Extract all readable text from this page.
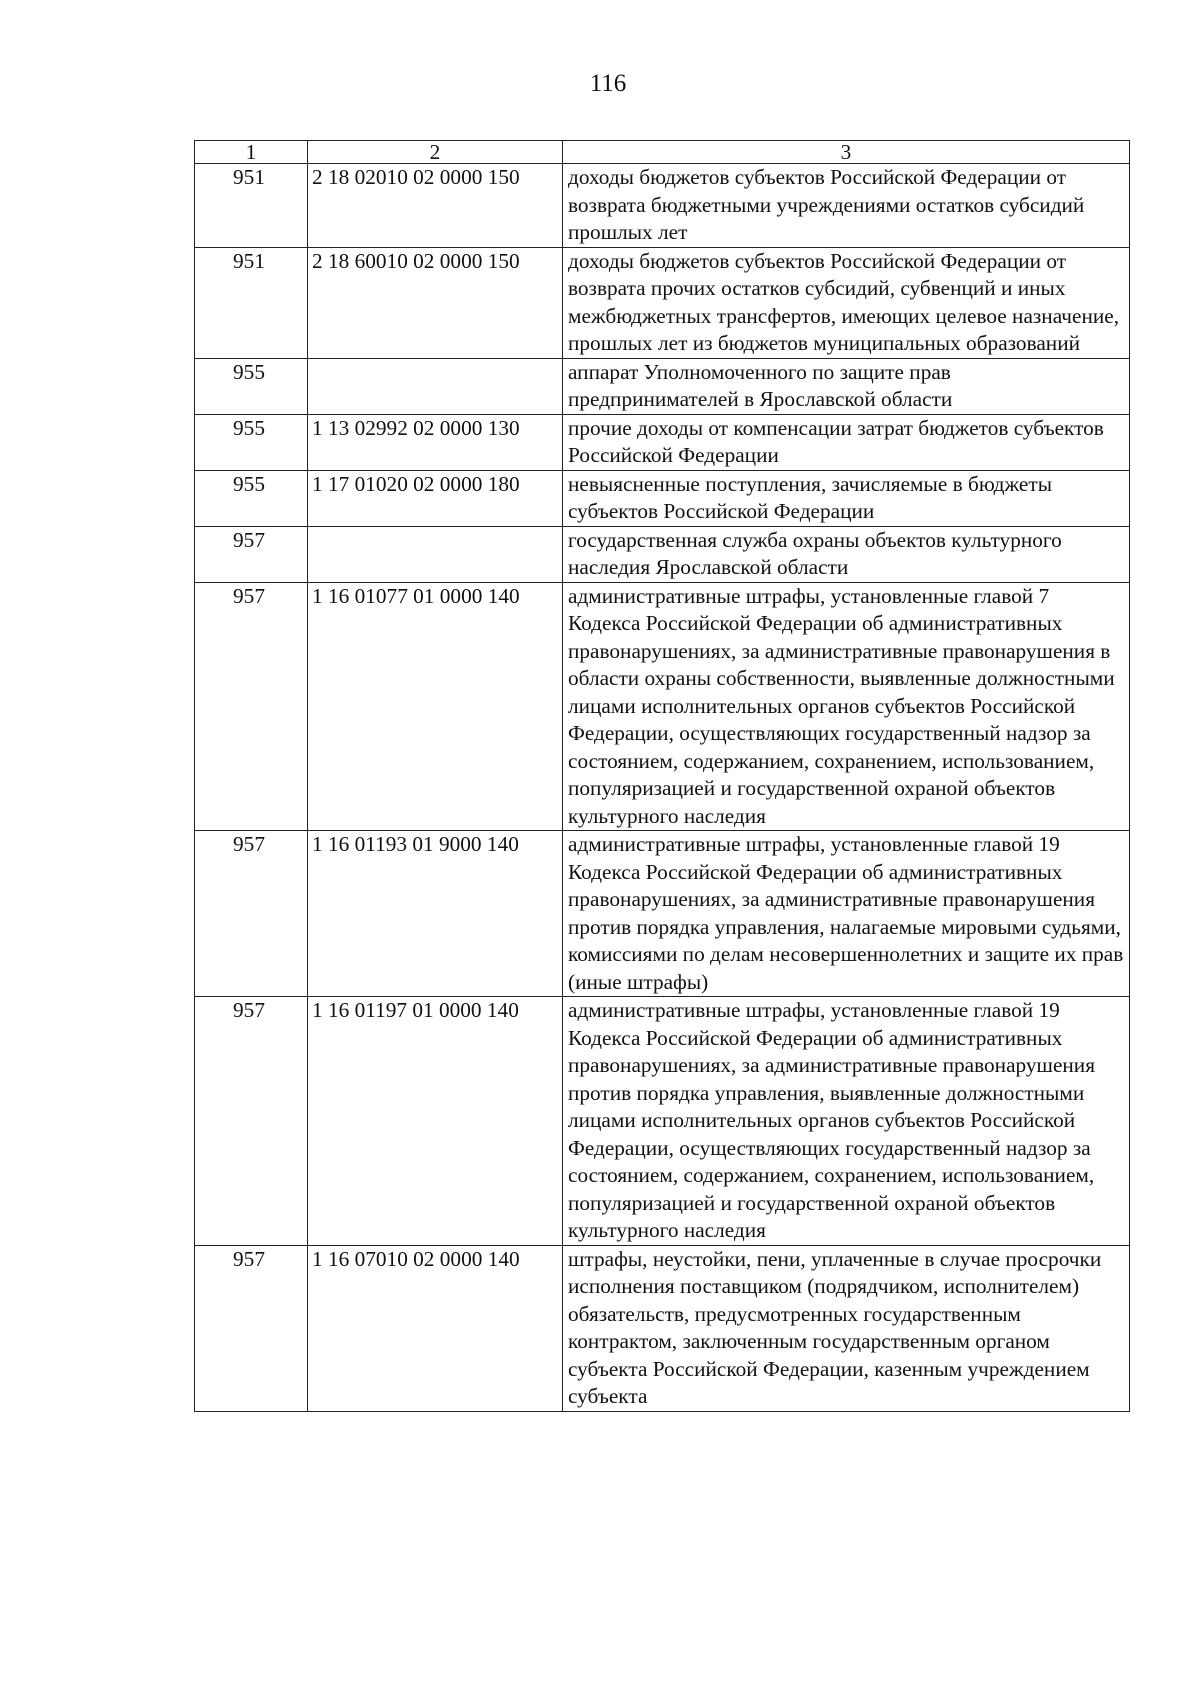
116
1	2	3
951	2 18 02010 02 0000 150	доходы бюджетов субъектов Российской Федерации от возврата бюджетными учреждениями остатков субсидий прошлых лет
951	2 18 60010 02 0000 150	доходы бюджетов субъектов Российской Федерации от возврата прочих остатков субсидий, субвенций и иных межбюджетных трансфертов, имеющих целевое назначение, прошлых лет из бюджетов муниципальных образований
955		аппарат Уполномоченного по защите прав предпринимателей в Ярославской области
955	1 13 02992 02 0000 130	прочие доходы от компенсации затрат бюджетов субъектов Российской Федерации
955	1 17 01020 02 0000 180	невыясненные поступления, зачисляемые в бюджеты субъектов Российской Федерации
957		государственная служба охраны объектов культурного наследия Ярославской области
957	1 16 01077 01 0000 140	административные штрафы, установленные главой 7 Кодекса Российской Федерации об административных правонарушениях, за административные правонарушения в области охраны собственности, выявленные должностными лицами исполнительных органов субъектов Российской Федерации, осуществляющих государственный надзор за состоянием, содержанием, сохранением, использованием, популяризацией и государственной охраной объектов культурного наследия
957	1 16 01193 01 9000 140	административные штрафы, установленные главой 19 Кодекса Российской Федерации об административных правонарушениях, за административные правонарушения против порядка управления, налагаемые мировыми судьями, комиссиями по делам несовершеннолетних и защите их прав (иные штрафы)
957	1 16 01197 01 0000 140	административные штрафы, установленные главой 19 Кодекса Российской Федерации об административных правонарушениях, за административные правонарушения против порядка управления, выявленные должностными лицами исполнительных органов субъектов Российской Федерации, осуществляющих государственный надзор за состоянием, содержанием, сохранением, использованием, популяризацией и государственной охраной объектов культурного наследия
957	1 16 07010 02 0000 140	штрафы, неустойки, пени, уплаченные в случае просрочки исполнения поставщиком (подрядчиком, исполнителем) обязательств, предусмотренных государственным контрактом, заключенным государственным органом субъекта Российской Федерации, казенным учреждением субъекта
